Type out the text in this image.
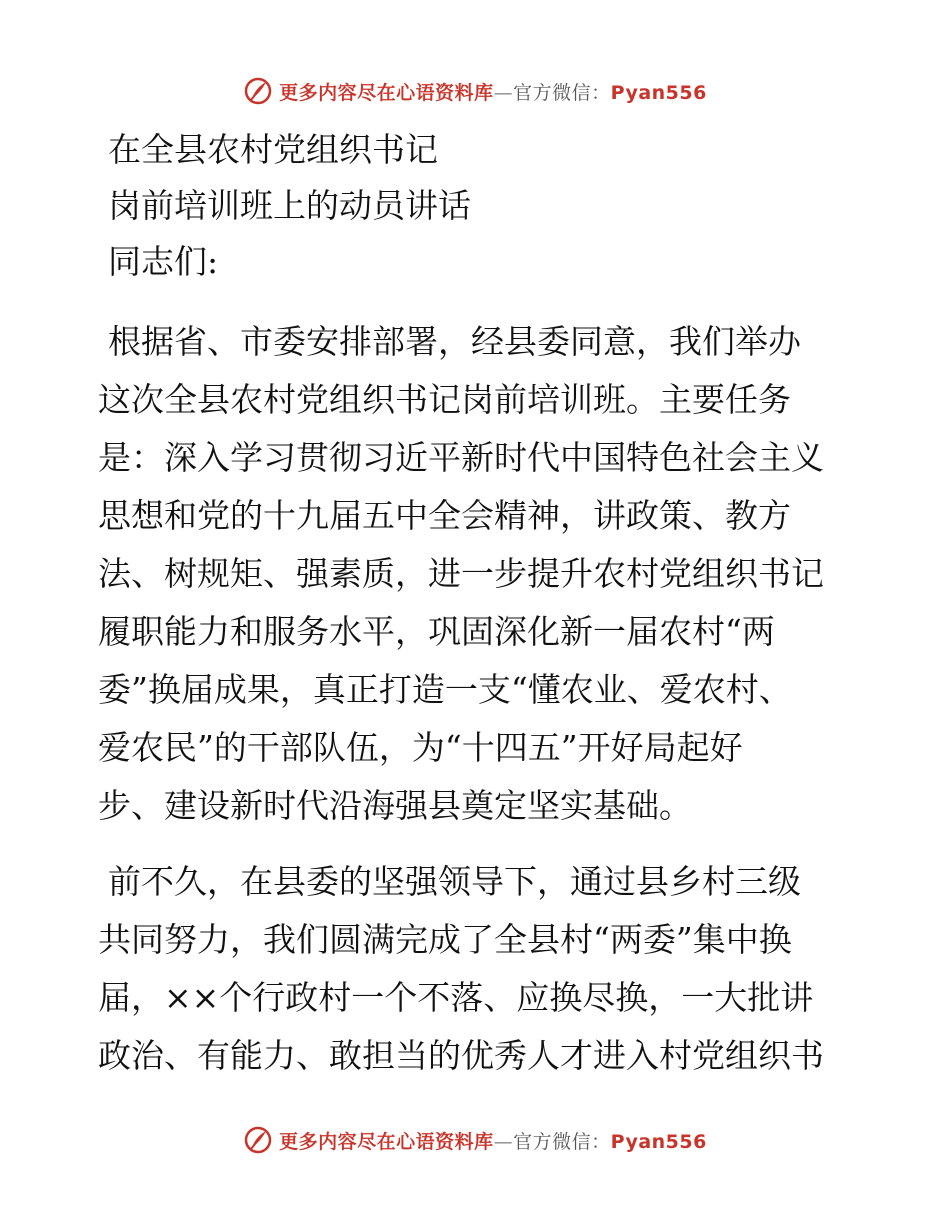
更多内容尽在心语资料库—官方微信：Pyan556

在全县农村党组织书记

岗前培训班上的动员讲话

同志们:

根据省、市委安排部署，经县委同意，我们举办
这次全县农村党组织书记岗前培训班。主要任务
是：深入学习贯彻习近平新时代中国特色社会主义
思想和党的十九届五中全会精神，讲政策、教方
法、树规矩、强素质，进一步提升农村党组织书记
履职能力和服务水平，巩固深化新一届农村“两
委”换届成果，真正打造一支“懂农业、爱农村、
爱农民”的干部队伍，为“十四五”开好局起好
步、建设新时代沿海强县奠定坚实基础。
前不久，在县委的坚强领导下，通过县乡村三级
共同努力，我们圆满完成了全县村“两委”集中换
届，××个行政村一个不落、应换尽换，一大批讲
政治、有能力、敢担当的优秀人才进入村党组织书
更多内容尽在心语资料库—官方微信：Pyan556
